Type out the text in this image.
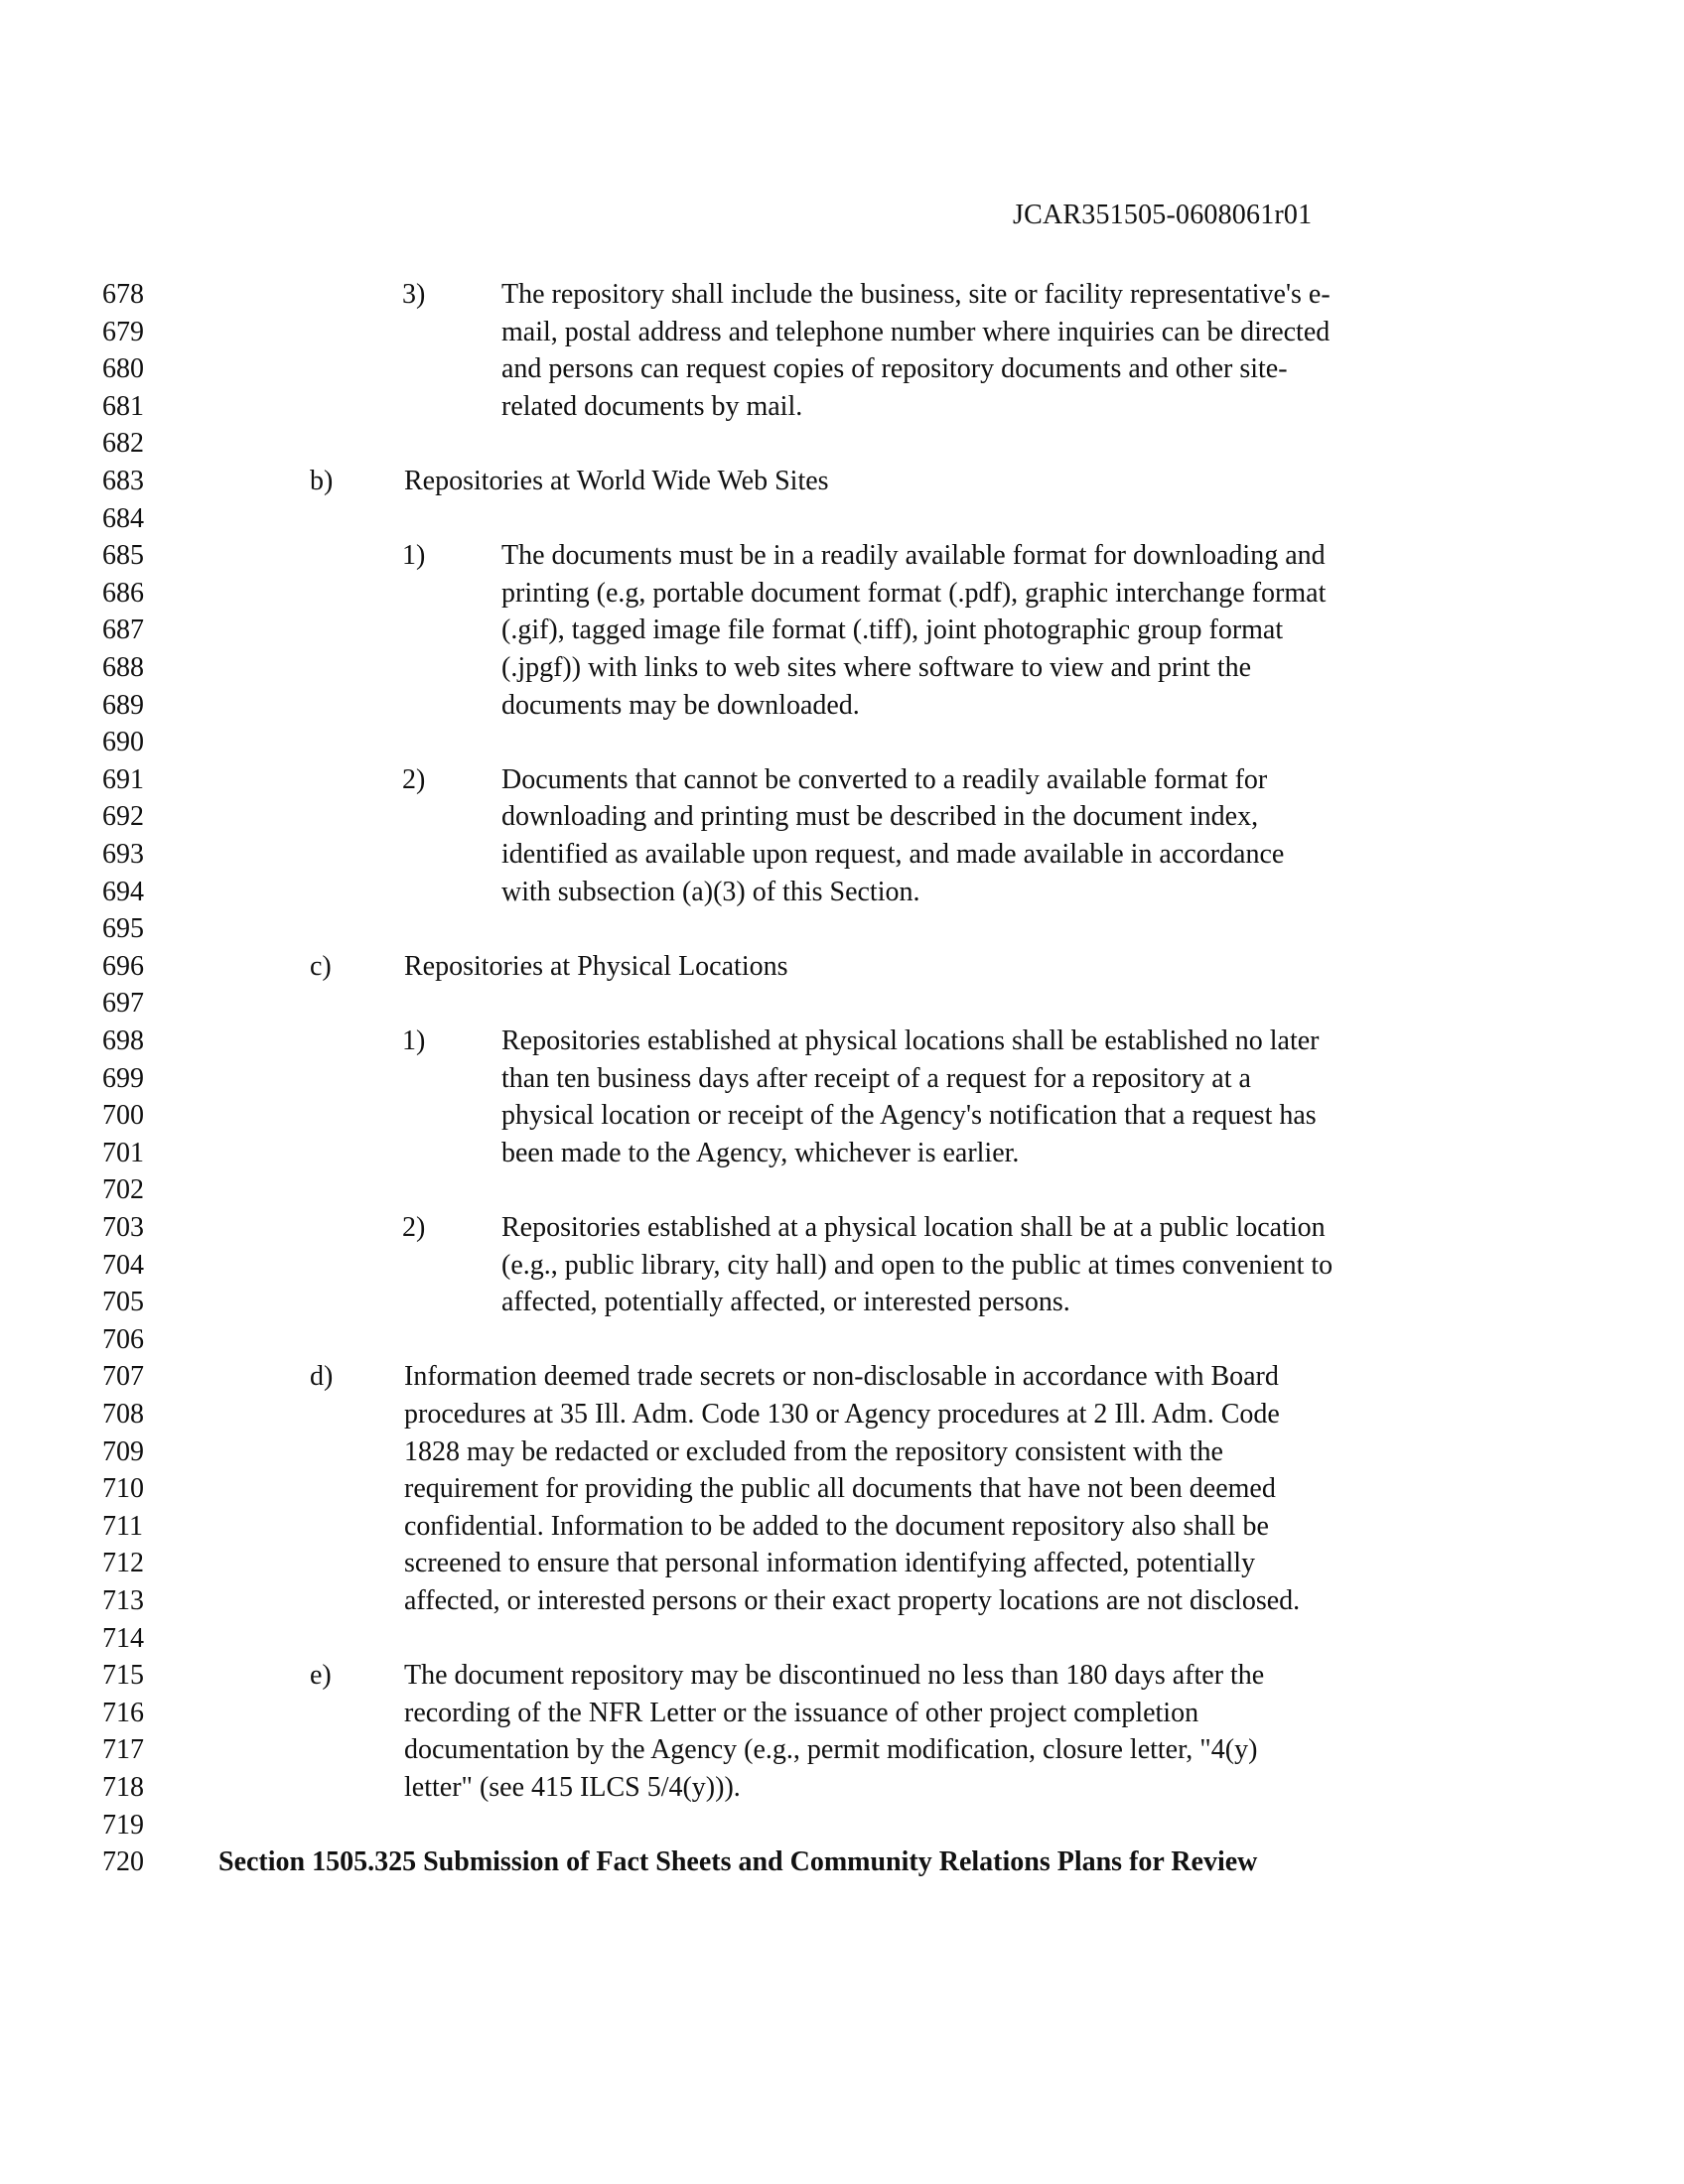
JCAR351505-0608061r01
678	3)	The repository shall include the business, site or facility representative's e-
679	mail, postal address and telephone number where inquiries can be directed
680	and persons can request copies of repository documents and other site-
681	related documents by mail.
682
683	b)	Repositories at World Wide Web Sites
684
685	1)	The documents must be in a readily available format for downloading and
686	printing (e.g, portable document format (.pdf), graphic interchange format
687	(.gif), tagged image file format (.tiff), joint photographic group format
688	(.jpgf)) with links to web sites where software to view and print the
689	documents may be downloaded.
690
691	2)	Documents that cannot be converted to a readily available format for
692	downloading and printing must be described in the document index,
693	identified as available upon request, and made available in accordance
694	with subsection (a)(3) of this Section.
695
696	c)	Repositories at Physical Locations
697
698	1)	Repositories established at physical locations shall be established no later
699	than ten business days after receipt of a request for a repository at a
700	physical location or receipt of the Agency's notification that a request has
701	been made to the Agency, whichever is earlier.
702
703	2)	Repositories established at a physical location shall be at a public location
704	(e.g., public library, city hall) and open to the public at times convenient to
705	affected, potentially affected, or interested persons.
706
707	d)	Information deemed trade secrets or non-disclosable in accordance with Board
708	procedures at 35 Ill. Adm. Code 130 or Agency procedures at 2 Ill. Adm. Code
709	1828 may be redacted or excluded from the repository consistent with the
710	requirement for providing the public all documents that have not been deemed
711	confidential. Information to be added to the document repository also shall be
712	screened to ensure that personal information identifying affected, potentially
713	affected, or interested persons or their exact property locations are not disclosed.
714
715	e)	The document repository may be discontinued no less than 180 days after the
716	recording of the NFR Letter or the issuance of other project completion
717	documentation by the Agency (e.g., permit modification, closure letter, "4(y)
718	letter" (see 415 ILCS 5/4(y))).
719
720	Section 1505.325 Submission of Fact Sheets and Community Relations Plans for Review
